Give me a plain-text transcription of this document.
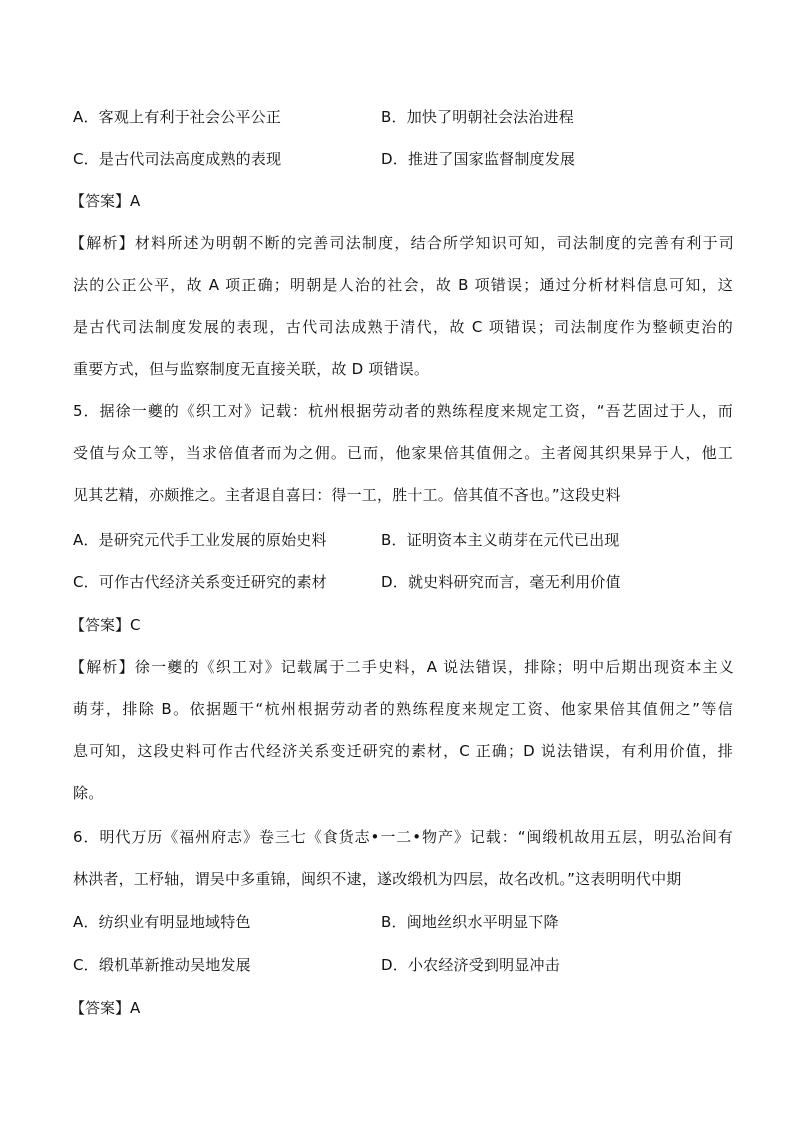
A．客观上有利于社会公平公正	B．加快了明朝社会法治进程
C．是古代司法高度成熟的表现	D．推进了国家监督制度发展
【答案】A
【解析】材料所述为明朝不断的完善司法制度，结合所学知识可知，司法制度的完善有利于司
法的公正公平，故 A 项正确；明朝是人治的社会，故 B 项错误；通过分析材料信息可知，这
是古代司法制度发展的表现，古代司法成熟于清代，故 C 项错误；司法制度作为整顿吏治的
重要方式，但与监察制度无直接关联，故 D 项错误。
5．据徐一夔的《织工对》记载：杭州根据劳动者的熟练程度来规定工资，“吾艺固过于人，而
受值与众工等，当求倍值者而为之佣。已而，他家果倍其值佣之。主者阅其织果异于人，他工
见其艺精，亦颇推之。主者退自喜曰：得一工，胜十工。倍其值不吝也。”这段史料
A．是研究元代手工业发展的原始史料	B．证明资本主义萌芽在元代已出现
C．可作古代经济关系变迁研究的素材	D．就史料研究而言，毫无利用价值
【答案】C
【解析】徐一夔的《织工对》记载属于二手史料，A 说法错误，排除；明中后期出现资本主义
萌芽，排除 B。依据题干“杭州根据劳动者的熟练程度来规定工资、他家果倍其值佣之”等信
息可知，这段史料可作古代经济关系变迁研究的素材，C 正确；D 说法错误，有利用价值，排
除。
6．明代万历《福州府志》卷三七《食货志•一二•物产》记载：“闽缎机故用五层，明弘治间有
林洪者，工杼轴，谓吴中多重锦，闽织不逮，遂改缎机为四层，故名改机。”这表明明代中期
A．纺织业有明显地域特色	B．闽地丝织水平明显下降
C．缎机革新推动吴地发展	D．小农经济受到明显冲击
【答案】A
